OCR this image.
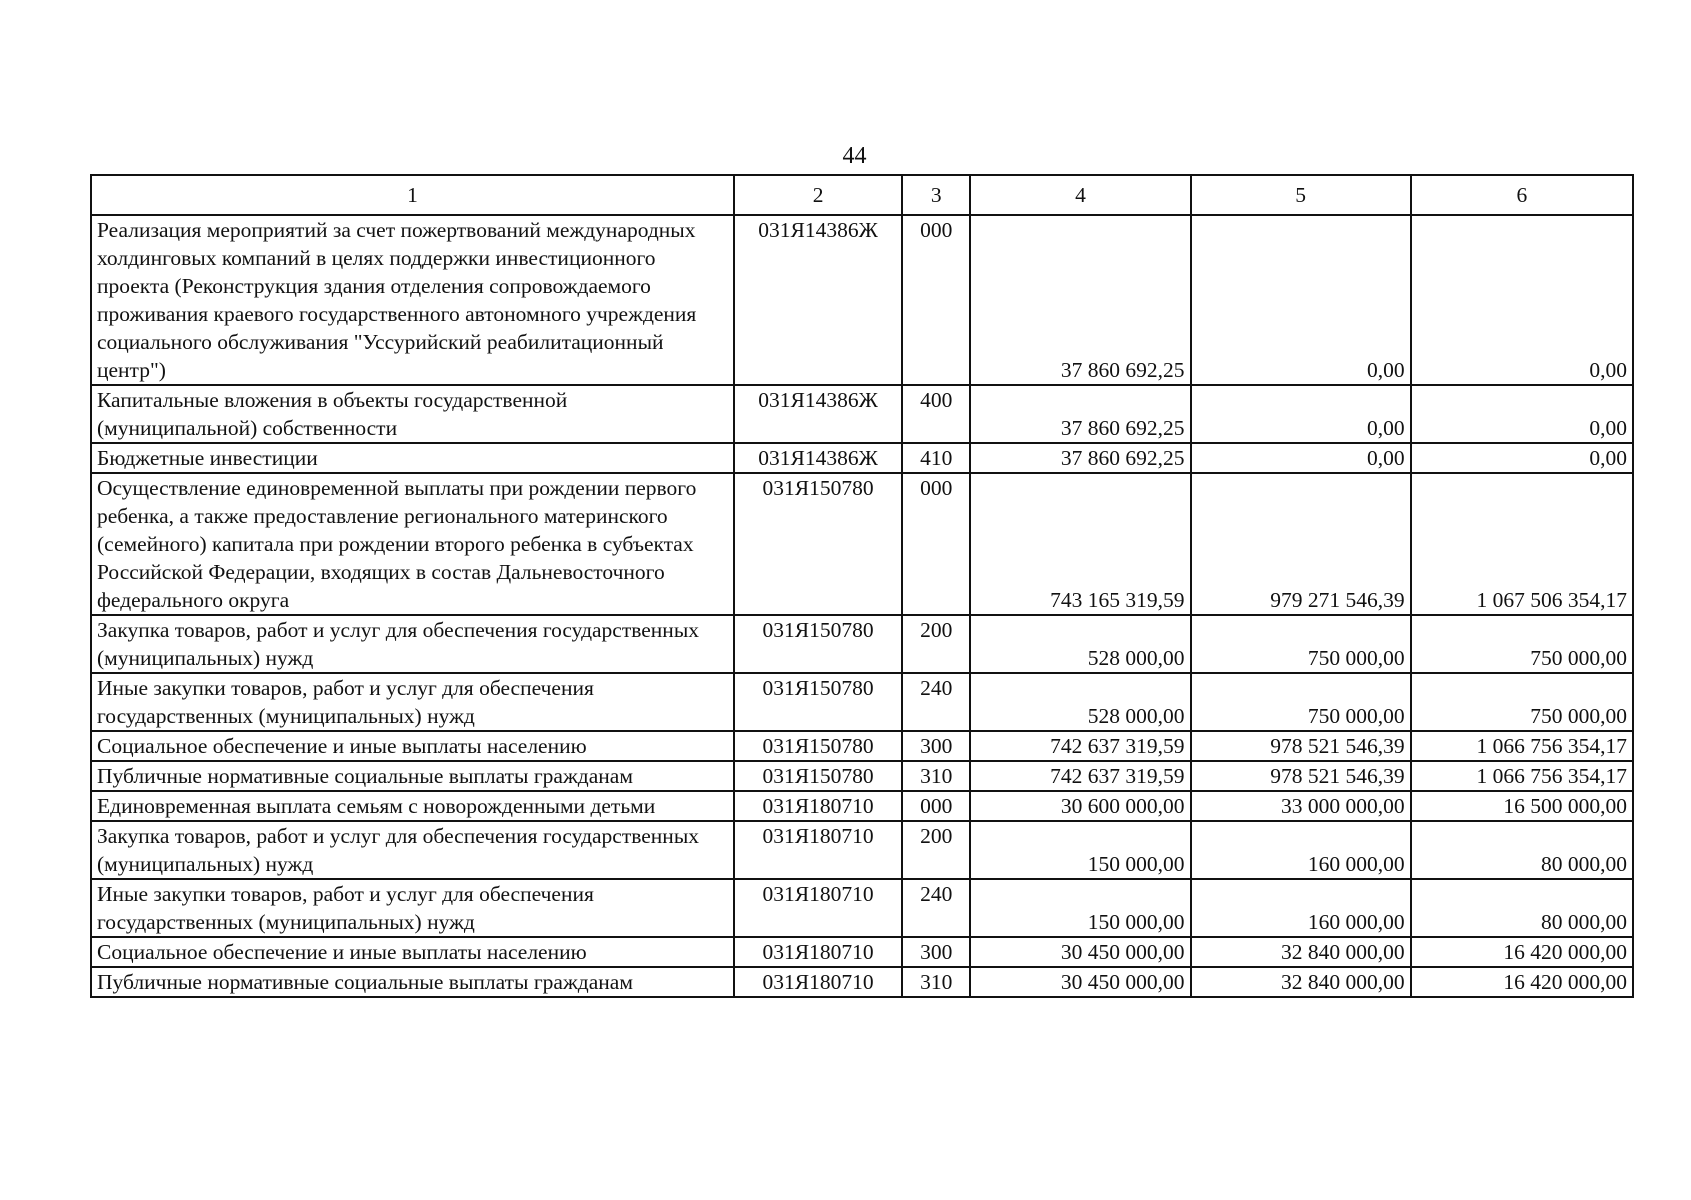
44
1	2	3	4	5	6
Реализация мероприятий за счет пожертвований международных холдинговых компаний в целях поддержки инвестиционного проекта (Реконструкция здания отделения сопровождаемого проживания краевого государственного автономного учреждения социального обслуживания "Уссурийский реабилитационный центр")	031Я14386Ж	000	37 860 692,25	0,00	0,00
Капитальные вложения в объекты государственной (муниципальной) собственности	031Я14386Ж	400	37 860 692,25	0,00	0,00
Бюджетные инвестиции	031Я14386Ж	410	37 860 692,25	0,00	0,00
Осуществление единовременной выплаты при рождении первого ребенка, а также предоставление регионального материнского (семейного) капитала при рождении второго ребенка в субъектах Российской Федерации, входящих в состав Дальневосточного федерального округа	031Я150780	000	743 165 319,59	979 271 546,39	1 067 506 354,17
Закупка товаров, работ и услуг для обеспечения государственных (муниципальных) нужд	031Я150780	200	528 000,00	750 000,00	750 000,00
Иные закупки товаров, работ и услуг для обеспечения государственных (муниципальных) нужд	031Я150780	240	528 000,00	750 000,00	750 000,00
Социальное обеспечение и иные выплаты населению	031Я150780	300	742 637 319,59	978 521 546,39	1 066 756 354,17
Публичные нормативные социальные выплаты гражданам	031Я150780	310	742 637 319,59	978 521 546,39	1 066 756 354,17
Единовременная выплата семьям с новорожденными детьми	031Я180710	000	30 600 000,00	33 000 000,00	16 500 000,00
Закупка товаров, работ и услуг для обеспечения государственных (муниципальных) нужд	031Я180710	200	150 000,00	160 000,00	80 000,00
Иные закупки товаров, работ и услуг для обеспечения государственных (муниципальных) нужд	031Я180710	240	150 000,00	160 000,00	80 000,00
Социальное обеспечение и иные выплаты населению	031Я180710	300	30 450 000,00	32 840 000,00	16 420 000,00
Публичные нормативные социальные выплаты гражданам	031Я180710	310	30 450 000,00	32 840 000,00	16 420 000,00
